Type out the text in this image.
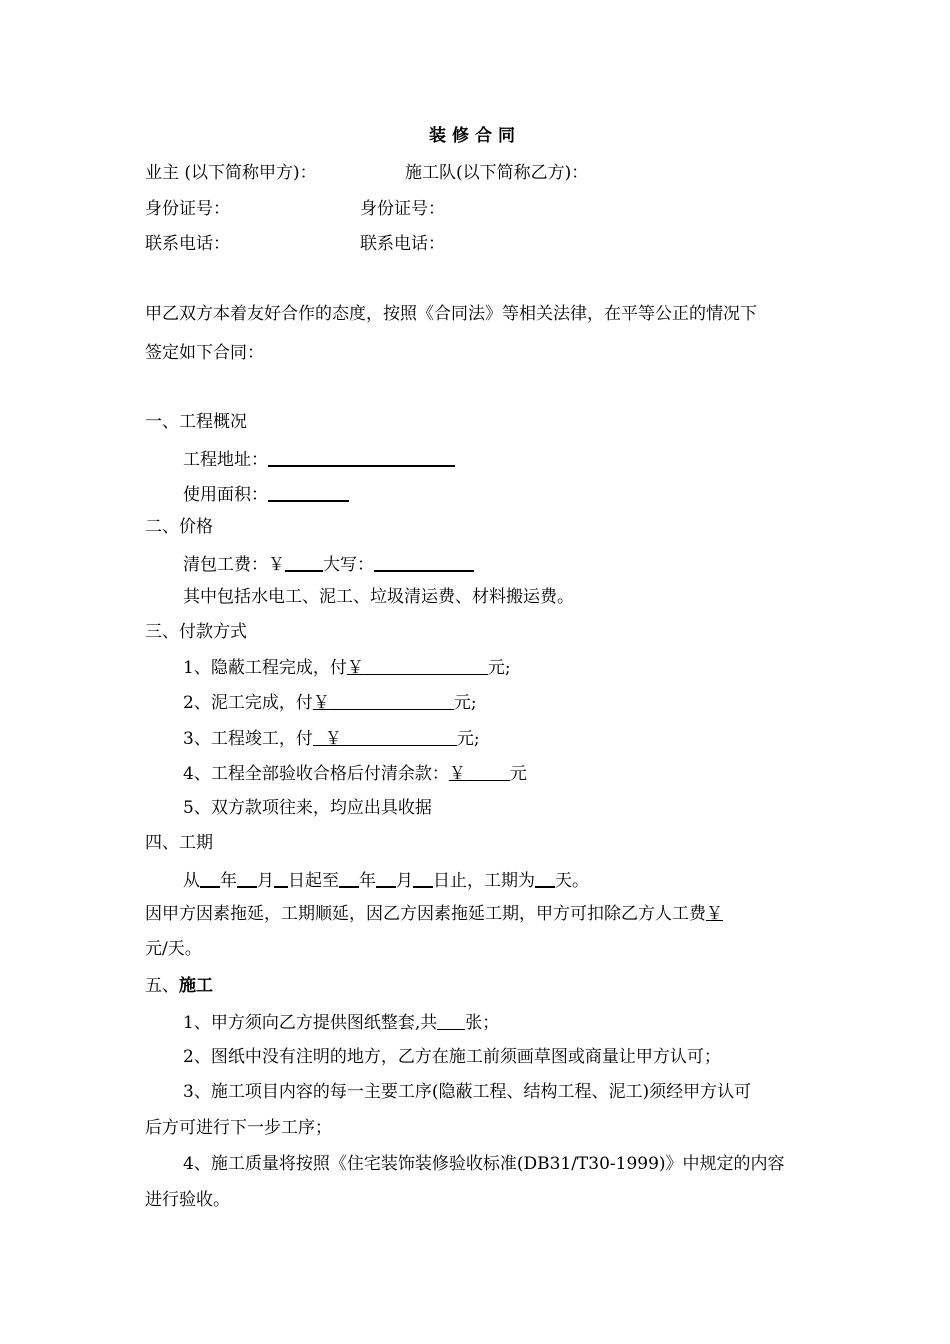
装修合同
业主 (以下简称甲方)：	施工队(以下简称乙方)：
身份证号：	身份证号：
联系电话：	联系电话：
甲乙双方本着友好合作的态度，按照《合同法》等相关法律，在平等公正的情况下
签定如下合同：
一、工程概况
工程地址：
使用面积：
二、价格
清包工费：￥ 大写：
其中包括水电工、泥工、垃圾清运费、材料搬运费。
三、付款方式
1、隐蔽工程完成，付￥	元;
2、泥工完成，付￥	元;
3、工程竣工，付 ￥	元;
4、工程全部验收合格后付清余款：￥	元
5、双方款项往来，均应出具收据
四、工期
从 年 月 日起至 年 月 日止，工期为 天。
因甲方因素拖延，工期顺延，因乙方因素拖延工期，甲方可扣除乙方人工费￥
元/天。
五、施工
1、甲方须向乙方提供图纸整套,共 张；
2、图纸中没有注明的地方，乙方在施工前须画草图或商量让甲方认可；
3、施工项目内容的每一主要工序(隐蔽工程、结构工程、泥工)须经甲方认可
后方可进行下一步工序；
4、施工质量将按照《住宅装饰装修验收标准(DB31/T30-1999)》中规定的内容
进行验收。
